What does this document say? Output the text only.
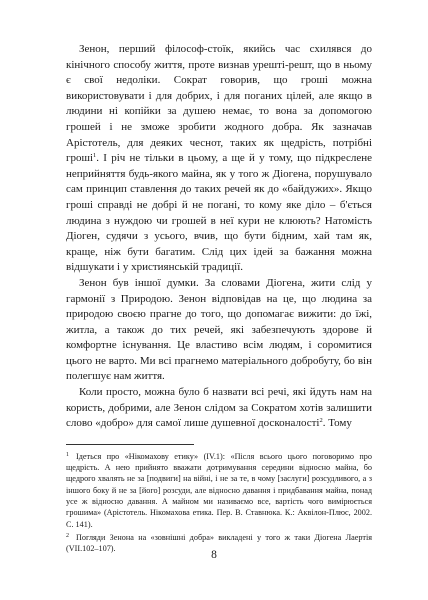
Зенон, перший філософ-стоїк, якийсь час схилявся до кінічного способу життя, проте визнав урешті-решт, що в ньому є свої недоліки. Сократ говорив, що гроші можна використовувати і для добрих, і для поганих цілей, але якщо в людини ні копійки за душею немає, то вона за допомогою грошей і не зможе зробити жодного добра. Як зазначав Арістотель, для деяких чеснот, таких як щедрість, потрібні гроші$^1$. І річ не тільки в цьому, а ще й у тому, що підкреслене неприйняття будь-якого майна, як у того ж Діогена, порушувало сам принцип ставлення до таких речей як до «байдужих». Якщо гроші справді не добрі й не погані, то кому яке діло – б'ється людина з нуждою чи грошей в неї кури не клюють? Натомість Діоген, судячи з усього, вчив, що бути бідним, хай там як, краще, ніж бути багатим. Слід цих ідей за бажання можна відшукати і у християнській традиції.

Зенон був іншої думки. За словами Діогена, жити слід у гармонії з Природою. Зенон відповідав на це, що людина за природою своєю прагне до того, що допомагає вижити: до їжі, житла, а також до тих речей, які забезпечують здорове й комфортне існування. Це властиво всім людям, і соромитися цього не варто. Ми всі прагнемо матеріального добробуту, бо він полегшує нам життя.

Коли просто, можна було б назвати всі речі, які йдуть нам на користь, добрими, але Зенон слідом за Сократом хотів залишити слово «добро» для самої лише душевної досконалості$^2$. Тому

1 Ідеться про «Нікомахову етику» (IV.1): «Після всього цього поговоримо про щедрість. А нею прийнято вважати дотримування середини відносно майна, бо щедрого хвалять не за [подвиги] на війні, і не за те, в чому [заслуги] розсудливого, а з іншого боку й не за [його] розсуди, але відносно давання і придбавання майна, понад усе ж відносно давання. А майном ми називаємо все, вартість чого вимірюється грошима» (Арістотель. Нікомахова етика. Пер. В. Ставнюка. К.: Аквілон-Плюс, 2002. С. 141).

2 Погляди Зенона на «зовнішні добра» викладені у того ж таки Діогена Лаертія (VII.102–107).

8
